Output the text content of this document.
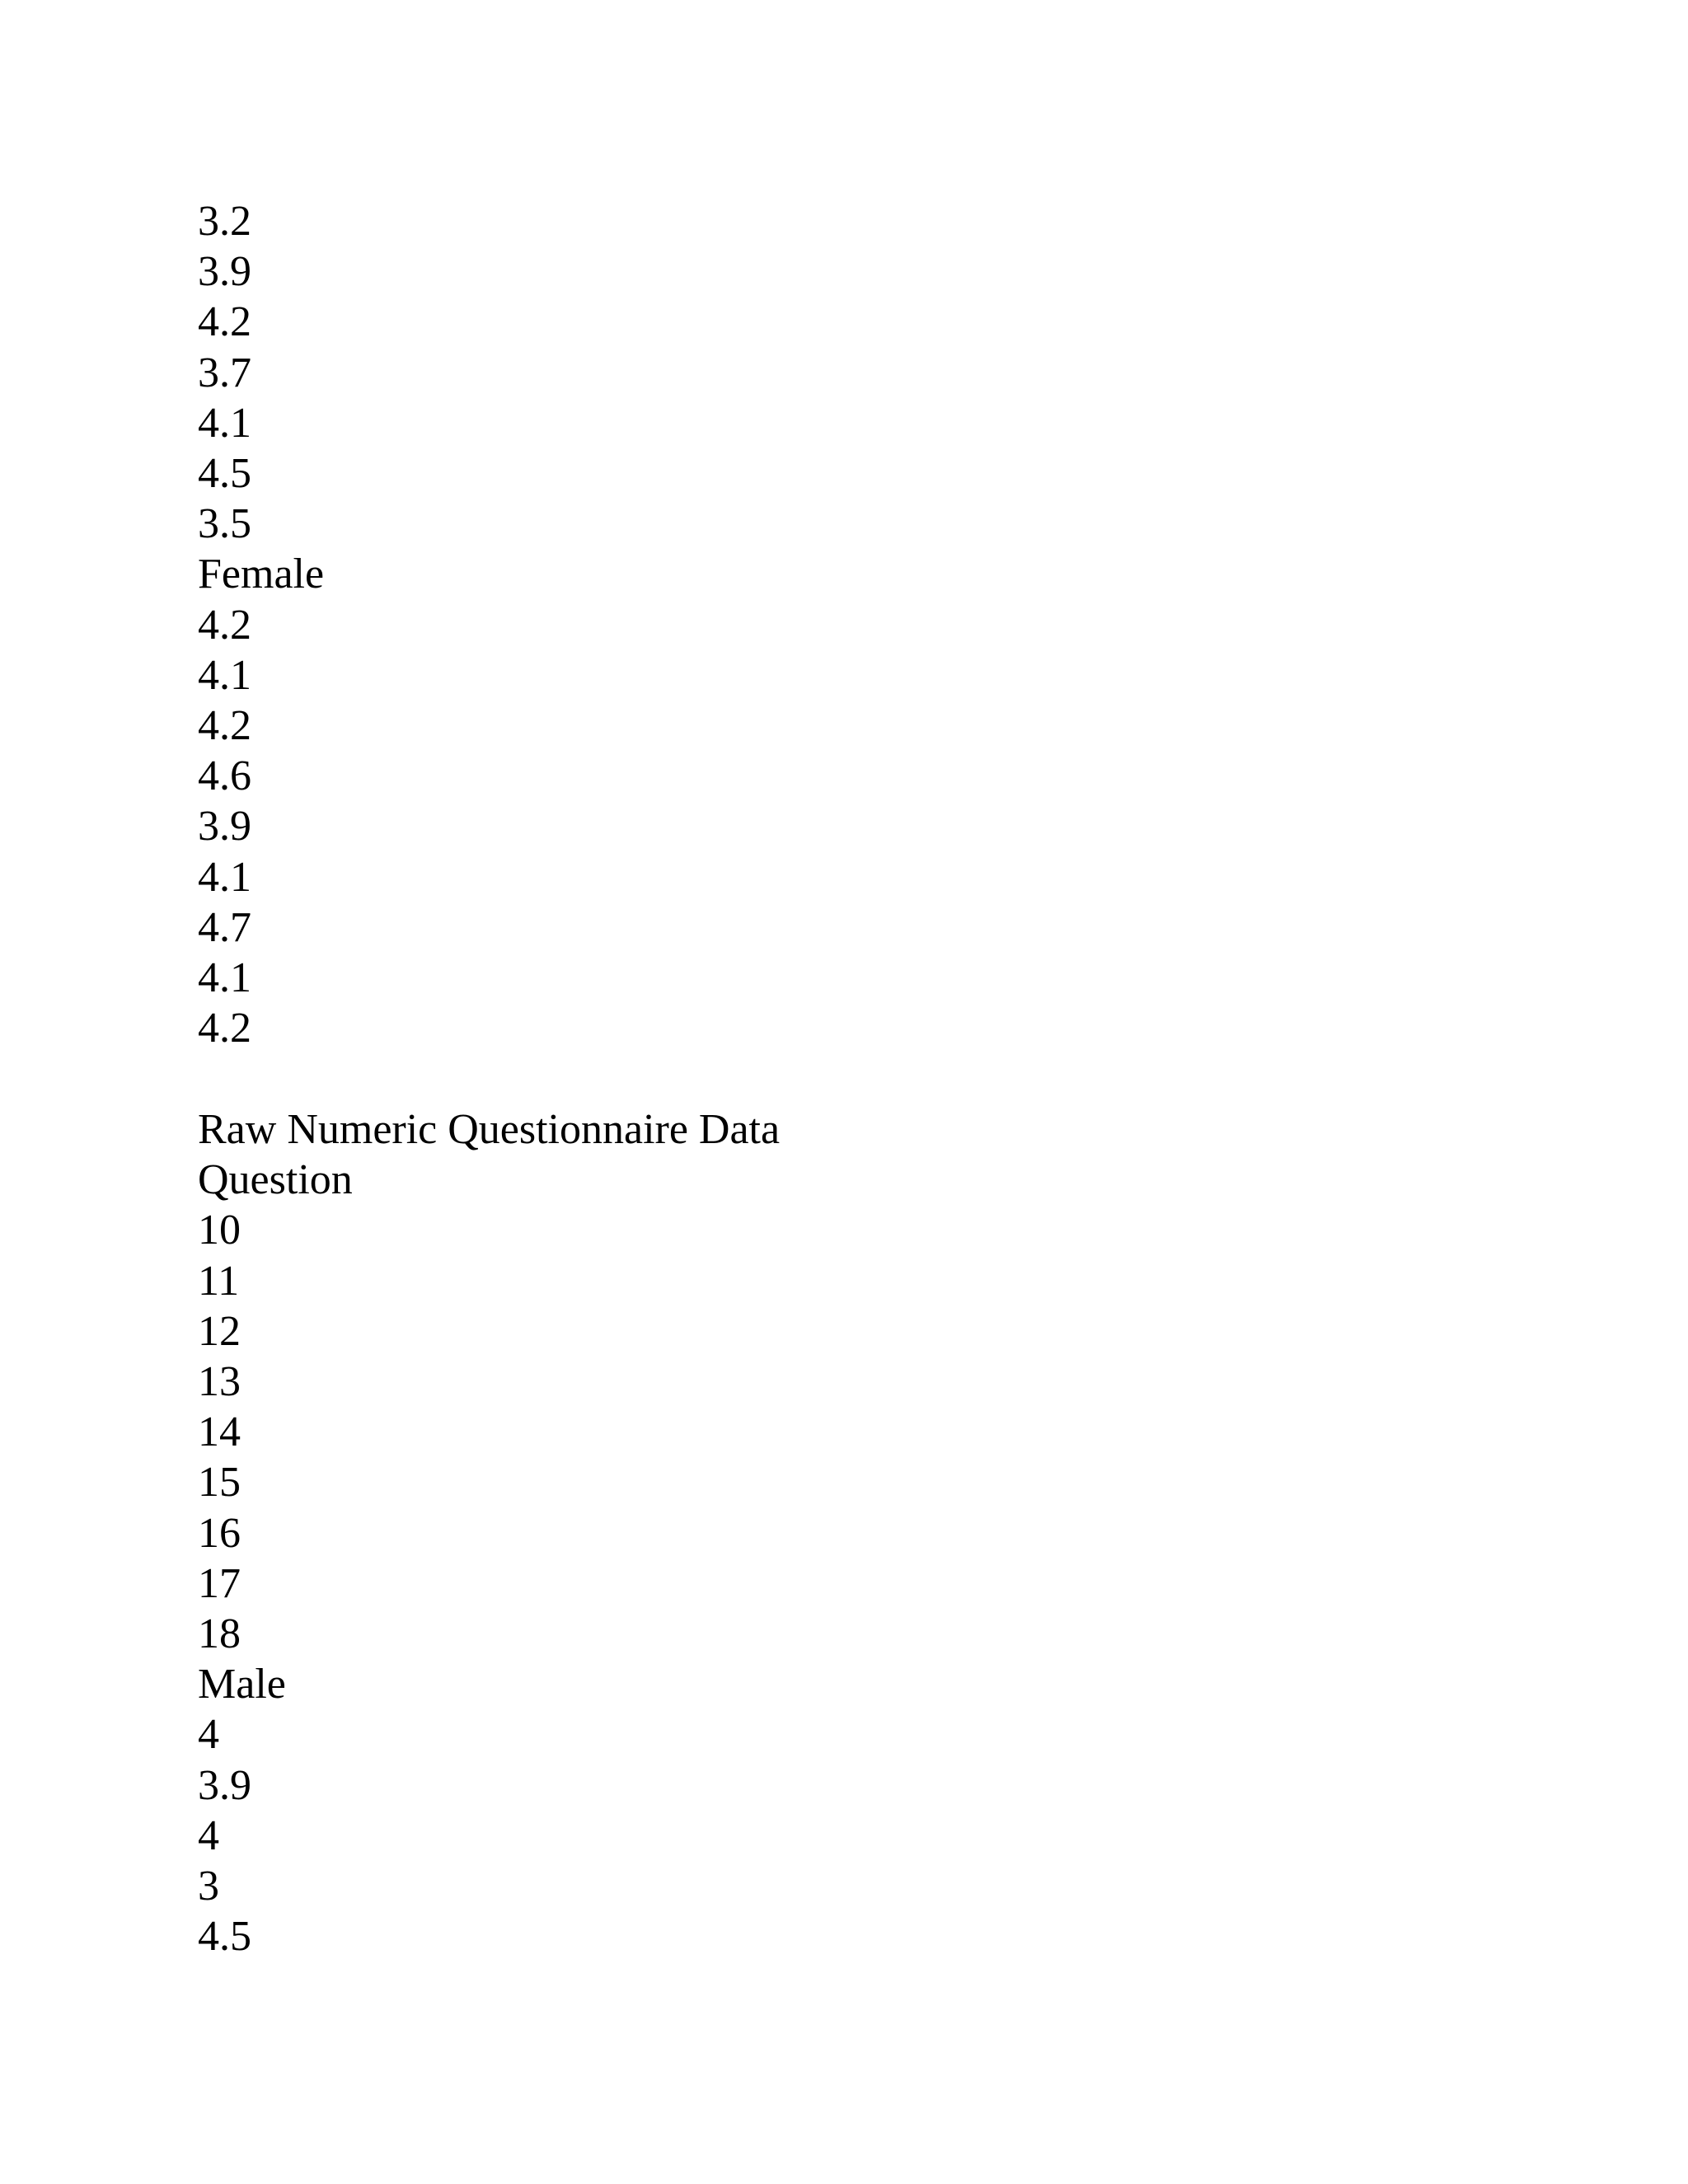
3.2
3.9
4.2
3.7
4.1
4.5
3.5
Female
4.2
4.1
4.2
4.6
3.9
4.1
4.7
4.1
4.2
Raw Numeric Questionnaire Data
Question
10
11
12
13
14
15
16
17
18
Male
4
3.9
4
3
4.5
